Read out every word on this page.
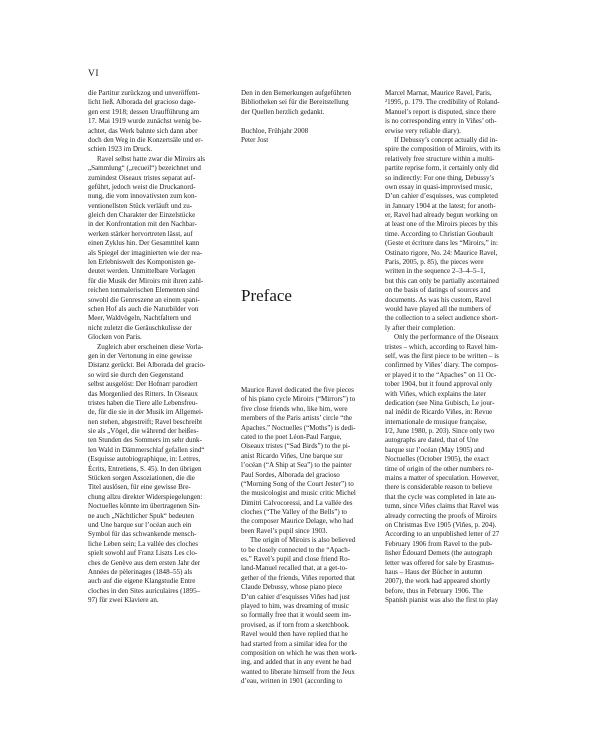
VI
die Partitur zurückzog und unveröffent-
licht ließ. Alborada del gracioso dage-
gen erst 1918; dessen Uraufführung am
17. Mai 1919 wurde zunächst wenig be-
achtet, das Werk bahnte sich dann aber
doch den Weg in die Konzertsäle und er-
schien 1923 im Druck.
Ravel selbst hatte zwar die Miroirs als
„Sammlung“ („recueil“) bezeichnet und
zumindest Oiseaux tristes separat auf-
geführt, jedoch weist die Druckanord-
nung, die vom innovativsten zum kon-
ventionellsten Stück verläuft und zu-
gleich den Charakter der Einzelstücke
in der Konfrontation mit den Nachbar-
werken stärker hervortreten lässt, auf
einen Zyklus hin. Der Gesamttitel kann
als Spiegel der imaginierten wie der rea-
len Erlebniswelt des Komponisten ge-
deutet werden. Unmittelbare Vorlagen
für die Musik der Miroirs mit ihren zahl-
reichen tonmalerischen Elementen sind
sowohl die Genreszene an einem spani-
schen Hof als auch die Naturbilder von
Meer, Waldvögeln, Nachtfaltern und
nicht zuletzt die Geräuschkulisse der
Glocken von Paris.
Zugleich aber erscheinen diese Vorla-
gen in der Vertonung in eine gewisse
Distanz gerückt. Bei Alborada del gracio-
so wird sie durch den Gegenstand
selbst ausgelöst: Der Hofnarr parodiert
das Morgenlied des Ritters. In Oiseaux
tristes haben die Tiere alle Lebensfreu-
de, für die sie in der Musik im Allgemei-
nen stehen, abgestreift; Ravel beschreibt
sie als „Vögel, die während der heißes-
ten Stunden des Sommers im sehr dunk-
len Wald in Dämmerschlaf gefallen sind“
(Esquisse autobiographique, in: Lettres,
Écrits, Entretiens, S. 45). In den übrigen
Stücken sorgen Assoziationen, die die
Titel auslösen, für eine gewisse Bre-
chung allzu direkter Widerspiegelungen:
Noctuelles könnte im übertragenen Sin-
ne auch „Nächtlicher Spuk“ bedeuten
und Une barque sur l’océan auch ein
Symbol für das schwankende mensch-
liche Leben sein; La vallée des cloches
spielt sowohl auf Franz Liszts Les clo-
ches de Genève aus dem ersten Jahr der
Années de pèlerinages (1848–55) als
auch auf die eigene Klangstudie Entre
cloches in den Sites auriculaires (1895–
97) für zwei Klaviere an.
Den in den Bemerkungen aufgeführten
Bibliotheken sei für die Bereitstellung
der Quellen herzlich gedankt.
Buchloe, Frühjahr 2008
Peter Jost
Preface
Maurice Ravel dedicated the five pieces
of his piano cycle Miroirs (“Mirrors”) to
five close friends who, like him, were
members of the Paris artists’ circle “the
Apaches.” Noctuelles (“Moths”) is dedi-
cated to the poet Léon-Paul Fargue,
Oiseaux tristes (“Sad Birds”) to the pi-
anist Ricardo Viñes, Une barque sur
l’océan (“A Ship at Sea”) to the painter
Paul Sordes, Alborada del gracioso
(“Morning Song of the Court Jester”) to
the musicologist and music critic Michel
Dimitri Calvocoressi, and La vallée des
cloches (“The Valley of the Bells”) to
the composer Maurice Delage, who had
been Ravel’s pupil since 1903.
The origin of Miroirs is also believed
to be closely connected to the “Apach-
es.” Ravel’s pupil and close friend Ro-
land-Manuel recalled that, at a get-to-
gether of the friends, Viñes reported that
Claude Debussy, whose piano piece
D’un cahier d’esquisses Viñes had just
played to him, was dreaming of music
so formally free that it would seem im-
provised, as if torn from a sketchbook.
Ravel would then have replied that he
had started from a similar idea for the
composition on which he was then work-
ing, and added that in any event he had
wanted to liberate himself from the Jeux
d’eau, written in 1901 (according to
Marcel Marnat, Maurice Ravel, Paris,
²1995, p. 179. The credibility of Roland-
Manuel’s report is disputed, since there
is no corresponding entry in Viñes’ oth-
erwise very reliable diary).
If Debussy’s concept actually did in-
spire the composition of Miroirs, with its
relatively free structure within a multi-
partite reprise form, it certainly only did
so indirectly: For one thing, Debussy’s
own essay in quasi-improvised music,
D’un cahier d’esquisses, was completed
in January 1904 at the latest; for anoth-
er, Ravel had already begun working on
at least one of the Miroirs pieces by this
time. According to Christian Goubault
(Geste et écriture dans les “Miroirs,” in:
Ostinato rigore, No. 24: Maurice Ravel,
Paris, 2005, p. 85), the pieces were
written in the sequence 2–3–4–5–1,
but this can only be partially ascertained
on the basis of datings of sources and
documents. As was his custom, Ravel
would have played all the numbers of
the collection to a select audience short-
ly after their completion.
Only the performance of the Oiseaux
tristes – which, according to Ravel him-
self, was the first piece to be written – is
confirmed by Viñes’ diary. The compos-
er played it to the “Apaches” on 11 Oc-
tober 1904, but it found approval only
with Viñes, which explains the later
dedication (see Nina Gubisch, Le jour-
nal inédit de Ricardo Viñes, in: Revue
internationale de musique française,
I/2, June 1980, p. 203). Since only two
autographs are dated, that of Une
barque sur l’océan (May 1905) and
Noctuelles (October 1905), the exact
time of origin of the other numbers re-
mains a matter of speculation. However,
there is considerable reason to believe
that the cycle was completed in late au-
tumn, since Viñes claims that Ravel was
already correcting the proofs of Miroirs
on Christmas Eve 1905 (Viñes, p. 204).
According to an unpublished letter of 27
February 1906 from Ravel to the pub-
lisher Édouard Demets (the autograph
letter was offered for sale by Erasmus-
haus – Haus der Bücher in autumn
2007), the work had appeared shortly
before, thus in February 1906. The
Spanish pianist was also the first to play
